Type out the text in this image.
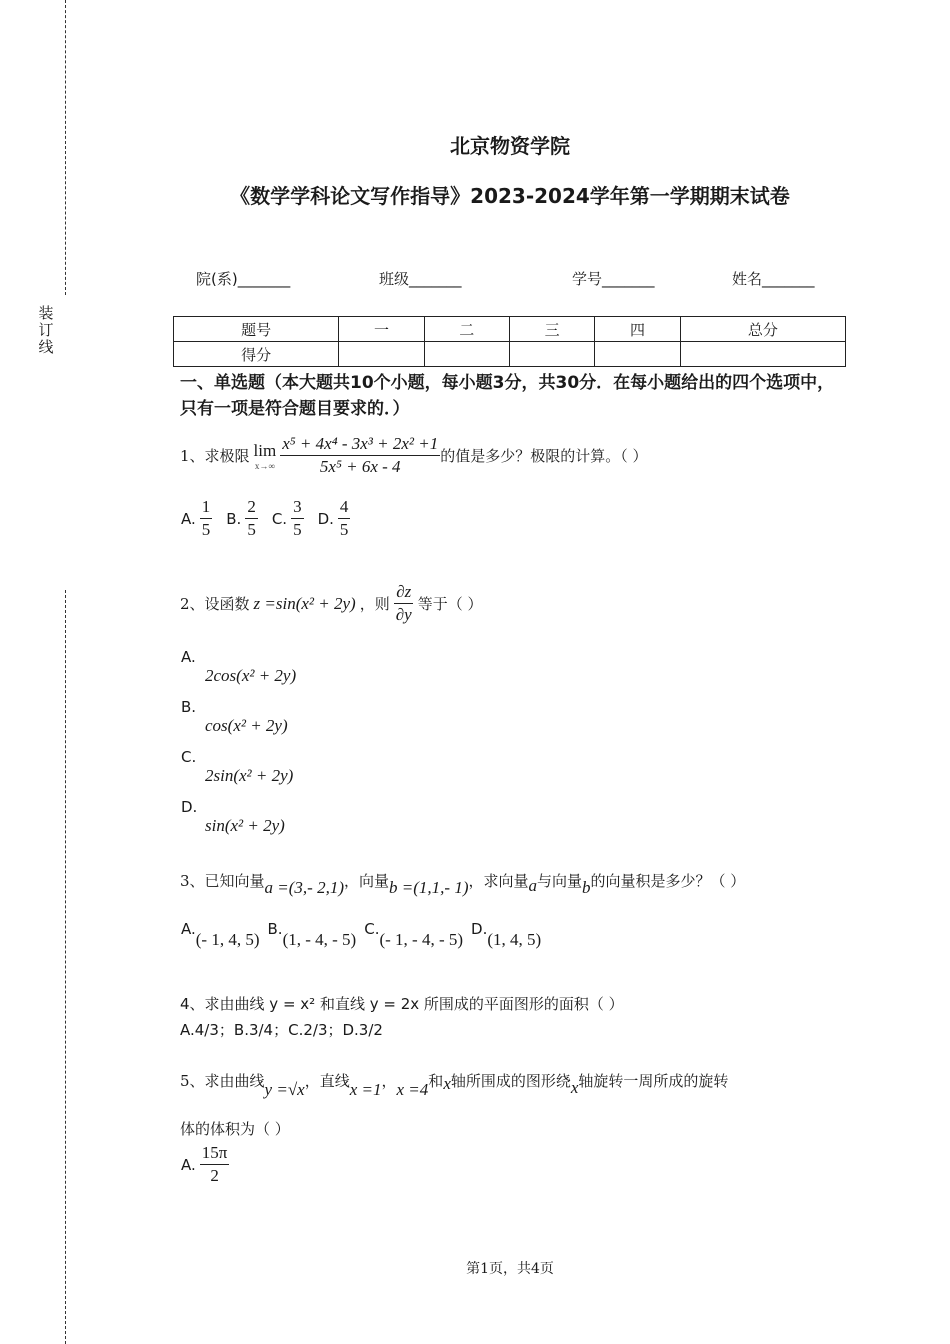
装订线
北京物资学院
《数学学科论文写作指导》2023-2024学年第一学期期末试卷
院(系)_______	班级_______	学号_______	姓名_______
题号	一	二	三	四	总分
得分					
一、单选题（本大题共10个小题，每小题3分，共30分．在每小题给出的四个选项中，只有一项是符合题目要求的．）
1、求极限 lim
$x\to\infty \frac{\text{x⁵ + 4x⁴ - 3x³ + 2x² +1}}{\text{5x⁵ + 6x - 4}}$ 的值是多少？极限的计算。（ ）
A. $\frac{1}{5} B$. $\frac{2}{5} C$. $\frac{3}{5} D$. $\frac{4}{5}$
2、设函数 z =sin(x² + 2y) ，则 $\frac{\partial z}{\partial y}$ 等于（ ）
A.
2cos(x² + 2y)
B.
cos(x² + 2y)
C.
2sin(x² + 2y)
D.
sin(x² + 2y)
3、已知向量 a =(3,- 2,1) ，向量 b =(1,1,- 1) ，求向量 a 与向量 b 的向量积是多少？（ ）
A.
(- 1, 4, 5)
B.
(1, - 4, - 5)
C.
(- 1, - 4, - 5)
D.
(1, 4, 5)
4、求由曲线 y = x² 和直线 y = 2x 所围成的平面图形的面积（ ）
A.4/3；B.3/4；C.2/3；D.3/2
5、求由曲线 y =√x ，直线 x =1 ， x =4 和 x 轴所围成的图形绕 x 轴旋转一周所成的旋转
体的体积为（ ）
A. $\frac{15\pi}{2}$
第1页，共4页
